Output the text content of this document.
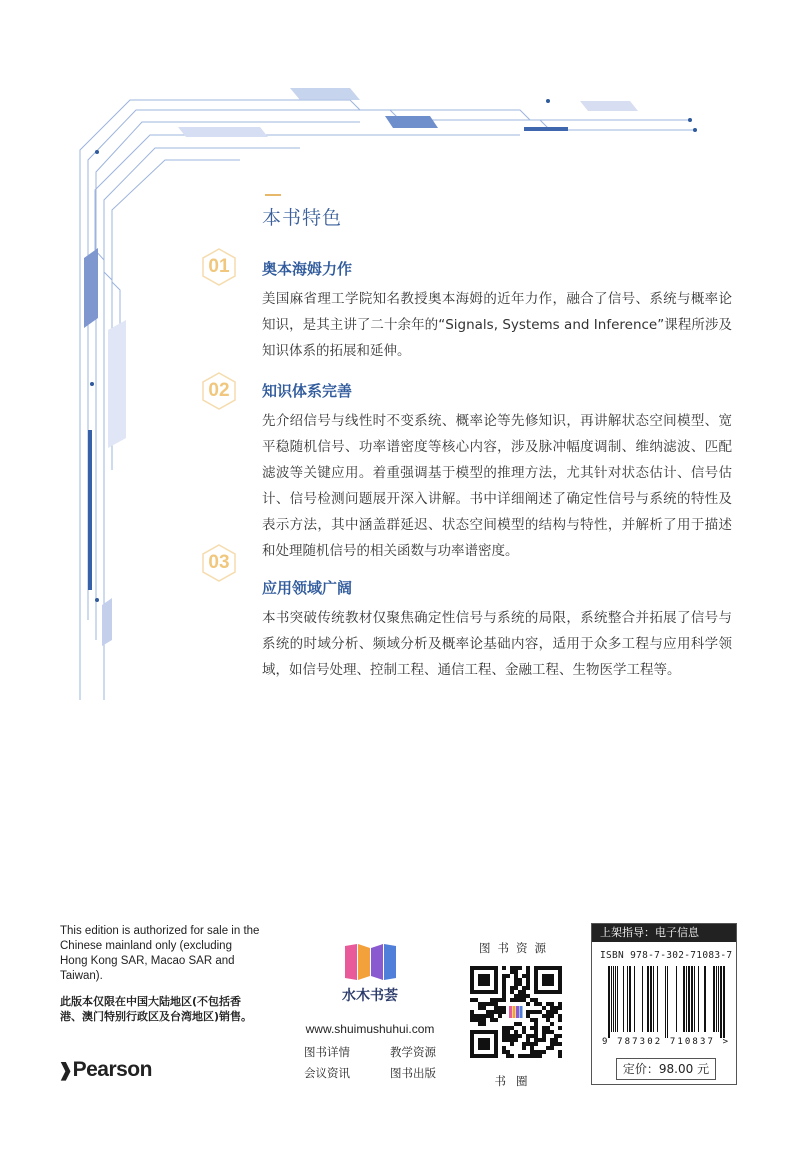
本书特色
01	奥本海姆力作
美国麻省理工学院知名教授奥本海姆的近年力作，融合了信号、系统与概率论知识，是其主讲了二十余年的“Signals, Systems and Inference”课程所涉及知识体系的拓展和延伸。
02	知识体系完善
先介绍信号与线性时不变系统、概率论等先修知识，再讲解状态空间模型、宽平稳随机信号、功率谱密度等核心内容，涉及脉冲幅度调制、维纳滤波、匹配滤波等关键应用。着重强调基于模型的推理方法，尤其针对状态估计、信号估计、信号检测问题展开深入讲解。书中详细阐述了确定性信号与系统的特性及表示方法，其中涵盖群延迟、状态空间模型的结构与特性，并解析了用于描述和处理随机信号的相关函数与功率谱密度。
03
应用领域广阔
本书突破传统教材仅聚焦确定性信号与系统的局限，系统整合并拓展了信号与系统的时域分析、频域分析及概率论基础内容，适用于众多工程与应用科学领域，如信号处理、控制工程、通信工程、金融工程、生物医学工程等。
This edition is authorized for sale in the Chinese mainland only (excluding Hong Kong SAR, Macao SAR and Taiwan).
此版本仅限在中国大陆地区(不包括香港、澳门特别行政区及台湾地区)销售。
❱Pearson
水木书荟
www.shuimushuhui.com
图书详情	教学资源
会议资讯	图书出版
图书资源
书圈
上架指导：电子信息
ISBN 978-7-302-71083-7
9 787302 710837 >
定价：98.00 元
